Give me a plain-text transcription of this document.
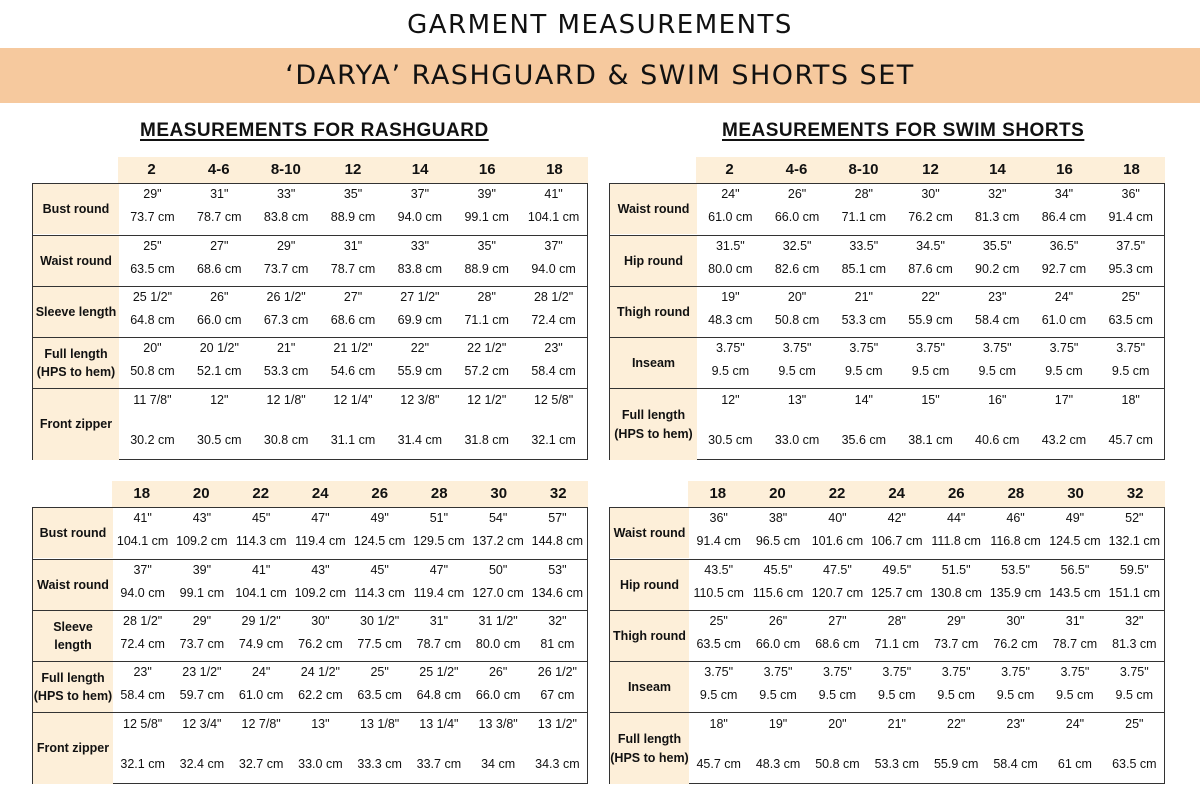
GARMENT MEASUREMENTS
‘DARYA’ RASHGUARD & SWIM SHORTS SET
MEASUREMENTS FOR RASHGUARD	MEASUREMENTS FOR SWIM SHORTS
2	4-6	8-10	12	14	16	18
Bust round
29"	31"	33"	35"	37"	39"	41"
73.7 cm	78.7 cm	83.8 cm	88.9 cm	94.0 cm	99.1 cm	104.1 cm
Waist round
25"	27"	29"	31"	33"	35"	37"
63.5 cm	68.6 cm	73.7 cm	78.7 cm	83.8 cm	88.9 cm	94.0 cm
Sleeve length
25 1/2"	26"	26 1/2"	27"	27 1/2"	28"	28 1/2"
64.8 cm	66.0 cm	67.3 cm	68.6 cm	69.9 cm	71.1 cm	72.4 cm
Full length (HPS to hem)
20"	20 1/2"	21"	21 1/2"	22"	22 1/2"	23"
50.8 cm	52.1 cm	53.3 cm	54.6 cm	55.9 cm	57.2 cm	58.4 cm
Front zipper
11 7/8"	12"	12 1/8"	12 1/4"	12 3/8"	12 1/2"	12 5/8"
30.2 cm	30.5 cm	30.8 cm	31.1 cm	31.4 cm	31.8 cm	32.1 cm
2	4-6	8-10	12	14	16	18
Waist round
24"	26"	28"	30"	32"	34"	36"
61.0 cm	66.0 cm	71.1 cm	76.2 cm	81.3 cm	86.4 cm	91.4 cm
Hip round
31.5"	32.5"	33.5"	34.5"	35.5"	36.5"	37.5"
80.0 cm	82.6 cm	85.1 cm	87.6 cm	90.2 cm	92.7 cm	95.3 cm
Thigh round
19"	20"	21"	22"	23"	24"	25"
48.3 cm	50.8 cm	53.3 cm	55.9 cm	58.4 cm	61.0 cm	63.5 cm
Inseam
3.75"	3.75"	3.75"	3.75"	3.75"	3.75"	3.75"
9.5 cm	9.5 cm	9.5 cm	9.5 cm	9.5 cm	9.5 cm	9.5 cm
Full length (HPS to hem)
12"	13"	14"	15"	16"	17"	18"
30.5 cm	33.0 cm	35.6 cm	38.1 cm	40.6 cm	43.2 cm	45.7 cm
18	20	22	24	26	28	30	32
Bust round
41"	43"	45"	47"	49"	51"	54"	57"
104.1 cm 109.2 cm 114.3 cm 119.4 cm 124.5 cm 129.5 cm 137.2 cm 144.8 cm
Waist round
37"	39"	41"	43"	45"	47"	50"	53"
94.0 cm	99.1 cm 104.1 cm 109.2 cm 114.3 cm 119.4 cm 127.0 cm 134.6 cm
Sleeve length
28 1/2"	29"	29 1/2"	30"	30 1/2"	31"	31 1/2"	32"
72.4 cm	73.7 cm	74.9 cm	76.2 cm	77.5 cm	78.7 cm	80.0 cm	81 cm
Full length (HPS to hem)
23"	23 1/2"	24"	24 1/2"	25"	25 1/2"	26"	26 1/2"
58.4 cm	59.7 cm	61.0 cm	62.2 cm	63.5 cm	64.8 cm	66.0 cm	67 cm
Front zipper
12 5/8"	12 3/4"	12 7/8"	13"	13 1/8"	13 1/4"	13 3/8"	13 1/2"
32.1 cm	32.4 cm	32.7 cm	33.0 cm	33.3 cm	33.7 cm	34 cm	34.3 cm
18	20	22	24	26	28	30	32
Waist round
36"	38"	40"	42"	44"	46"	49"	52"
91.4 cm	96.5 cm 101.6 cm 106.7 cm 111.8 cm 116.8 cm 124.5 cm 132.1 cm
Hip round
43.5"	45.5"	47.5"	49.5"	51.5"	53.5"	56.5"	59.5"
110.5 cm 115.6 cm 120.7 cm 125.7 cm 130.8 cm 135.9 cm 143.5 cm 151.1 cm
Thigh round
25"	26"	27"	28"	29"	30"	31"	32"
63.5 cm	66.0 cm	68.6 cm	71.1 cm	73.7 cm	76.2 cm	78.7 cm	81.3 cm
Inseam
3.75"	3.75"	3.75"	3.75"	3.75"	3.75"	3.75"	3.75"
9.5 cm	9.5 cm	9.5 cm	9.5 cm	9.5 cm	9.5 cm	9.5 cm	9.5 cm
Full length (HPS to hem)
18"	19"	20"	21"	22"	23"	24"	25"
45.7 cm	48.3 cm	50.8 cm	53.3 cm	55.9 cm	58.4 cm	61 cm	63.5 cm
